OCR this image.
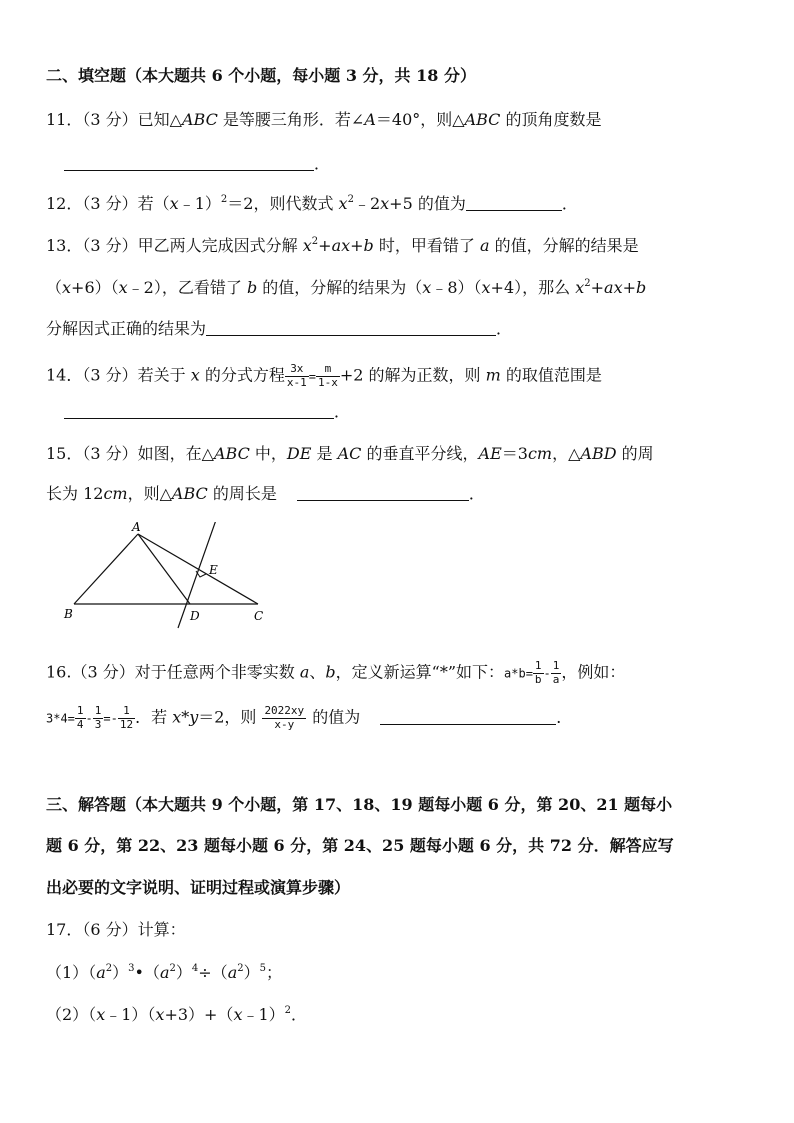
二、填空题（本大题共 6 个小题，每小题 3 分，共 18 分）
11．（3 分）已知△ABC 是等腰三角形．若∠A＝40°，则△ABC 的顶角度数是
．
12．（3 分）若（x﹣1）$^2$＝2，则代数式 $x^2﹣2x+5$ 的值为	．
13．（3 分）甲乙两人完成因式分解 $x^2+ax+b$ 时，甲看错了 a 的值，分解的结果是
（x+6）（x﹣2），乙看错了 b 的值，分解的结果为（x﹣8）（x+4），那么 $x^2+ax+b$
分解因式正确的结果为	．
14．（3 分）若关于 x 的分式方程 $\frac{3x}{x-1} = \frac{m}{1-x} +2$ 的解为正数，则 m 的取值范围是
．
15．（3 分）如图，在△ABC 中，DE 是 AC 的垂直平分线，AE＝3cm，△ABD 的周
长为 12cm，则△ABC 的周长是	．
A
B	C
D
E
16.（3 分）对于任意两个非零实数 a、b，定义新运算“*”如下：$a*b= \frac{1}{b} - \frac{1}{a}$ ，例如：
$3*4= \frac{1}{4} - \frac{1}{3} =- \frac{1}{12}$ ．若 x*y＝2，则 $\frac{2022xy}{x-y}$ 的值为	．
三、解答题（本大题共 9 个小题，第 17、18、19 题每小题 6 分，第 20、21 题每小
题 6 分，第 22、23 题每小题 6 分，第 24、25 题每小题 6 分，共 72 分．解答应写
出必要的文字说明、证明过程或演算步骤）
17．（6 分）计算：
$(1)(a^2)^3•(a^2)^4\div(a^2)^5$；
（2）（x﹣1）（x+3）+（x﹣1）$^2$．
